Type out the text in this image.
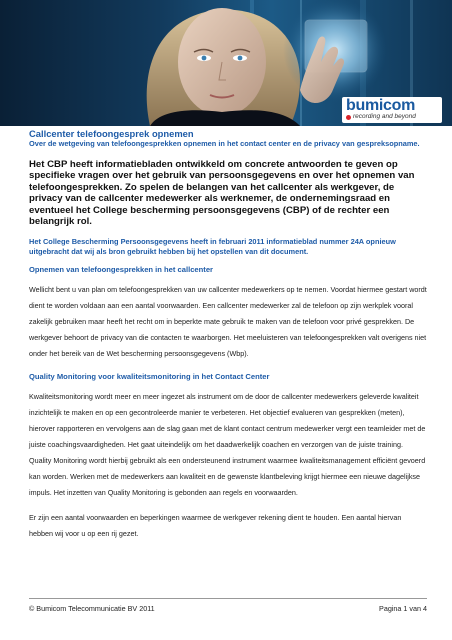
bumicom
recording and beyond
Callcenter telefoongesprek opnemen
Over de wetgeving van telefoongesprekken opnemen in het contact center en de privacy van gespreksopname.

Het CBP heeft informatiebladen ontwikkeld om concrete antwoorden te geven op specifieke vragen over het gebruik van persoonsgegevens en over het opnemen van telefoongesprekken. Zo spelen de belangen van het callcenter als werkgever, de privacy van de callcenter medewerker als werknemer, de ondernemingsraad en eventueel het College bescherming persoonsgegevens (CBP) of de rechter een belangrijk rol.

Het College Bescherming Persoonsgegevens heeft in februari 2011 informatieblad nummer 24A opnieuw uitgebracht dat wij als bron gebruikt hebben bij het opstellen van dit document.

Opnemen van telefoongesprekken in het callcenter

Wellicht bent u van plan om telefoongesprekken van uw callcenter medewerkers op te nemen. Voordat hiermee gestart wordt dient te worden voldaan aan een aantal voorwaarden. Een callcenter medewerker zal de telefoon op zijn werkplek vooral zakelijk gebruiken maar heeft het recht om in beperkte mate gebruik te maken van de telefoon voor privé gesprekken. De werkgever behoort de privacy van die contacten te waarborgen. Het meeluisteren van telefoongesprekken valt overigens niet onder het bereik van de Wet bescherming persoonsgegevens (Wbp).

Quality Monitoring voor kwaliteitsmonitoring in het Contact Center

Kwaliteitsmonitoring wordt meer en meer ingezet als instrument om de door de callcenter medewerkers geleverde kwaliteit inzichtelijk te maken en op een gecontroleerde manier te verbeteren. Het objectief evalueren van gesprekken (meten), hierover rapporteren en vervolgens aan de slag gaan met de klant contact centrum medewerker vergt een teamleider met de juiste coachingsvaardigheden. Het gaat uiteindelijk om het daadwerkelijk coachen en verzorgen van de juiste training. Quality Monitoring wordt hierbij gebruikt als een ondersteunend instrument waarmee kwaliteitsmanagement efficiënt gevoerd kan worden. Werken met de medewerkers aan kwaliteit en de gewenste klantbeleving krijgt hiermee een nieuwe dagelijkse impuls. Het inzetten van Quality Monitoring is gebonden aan regels en voorwaarden.

Er zijn een aantal voorwaarden en beperkingen waarmee de werkgever rekening dient te houden. Een aantal hiervan hebben wij voor u op een rij gezet.

© Bumicom Telecommunicatie BV 2011	Pagina 1 van 4
